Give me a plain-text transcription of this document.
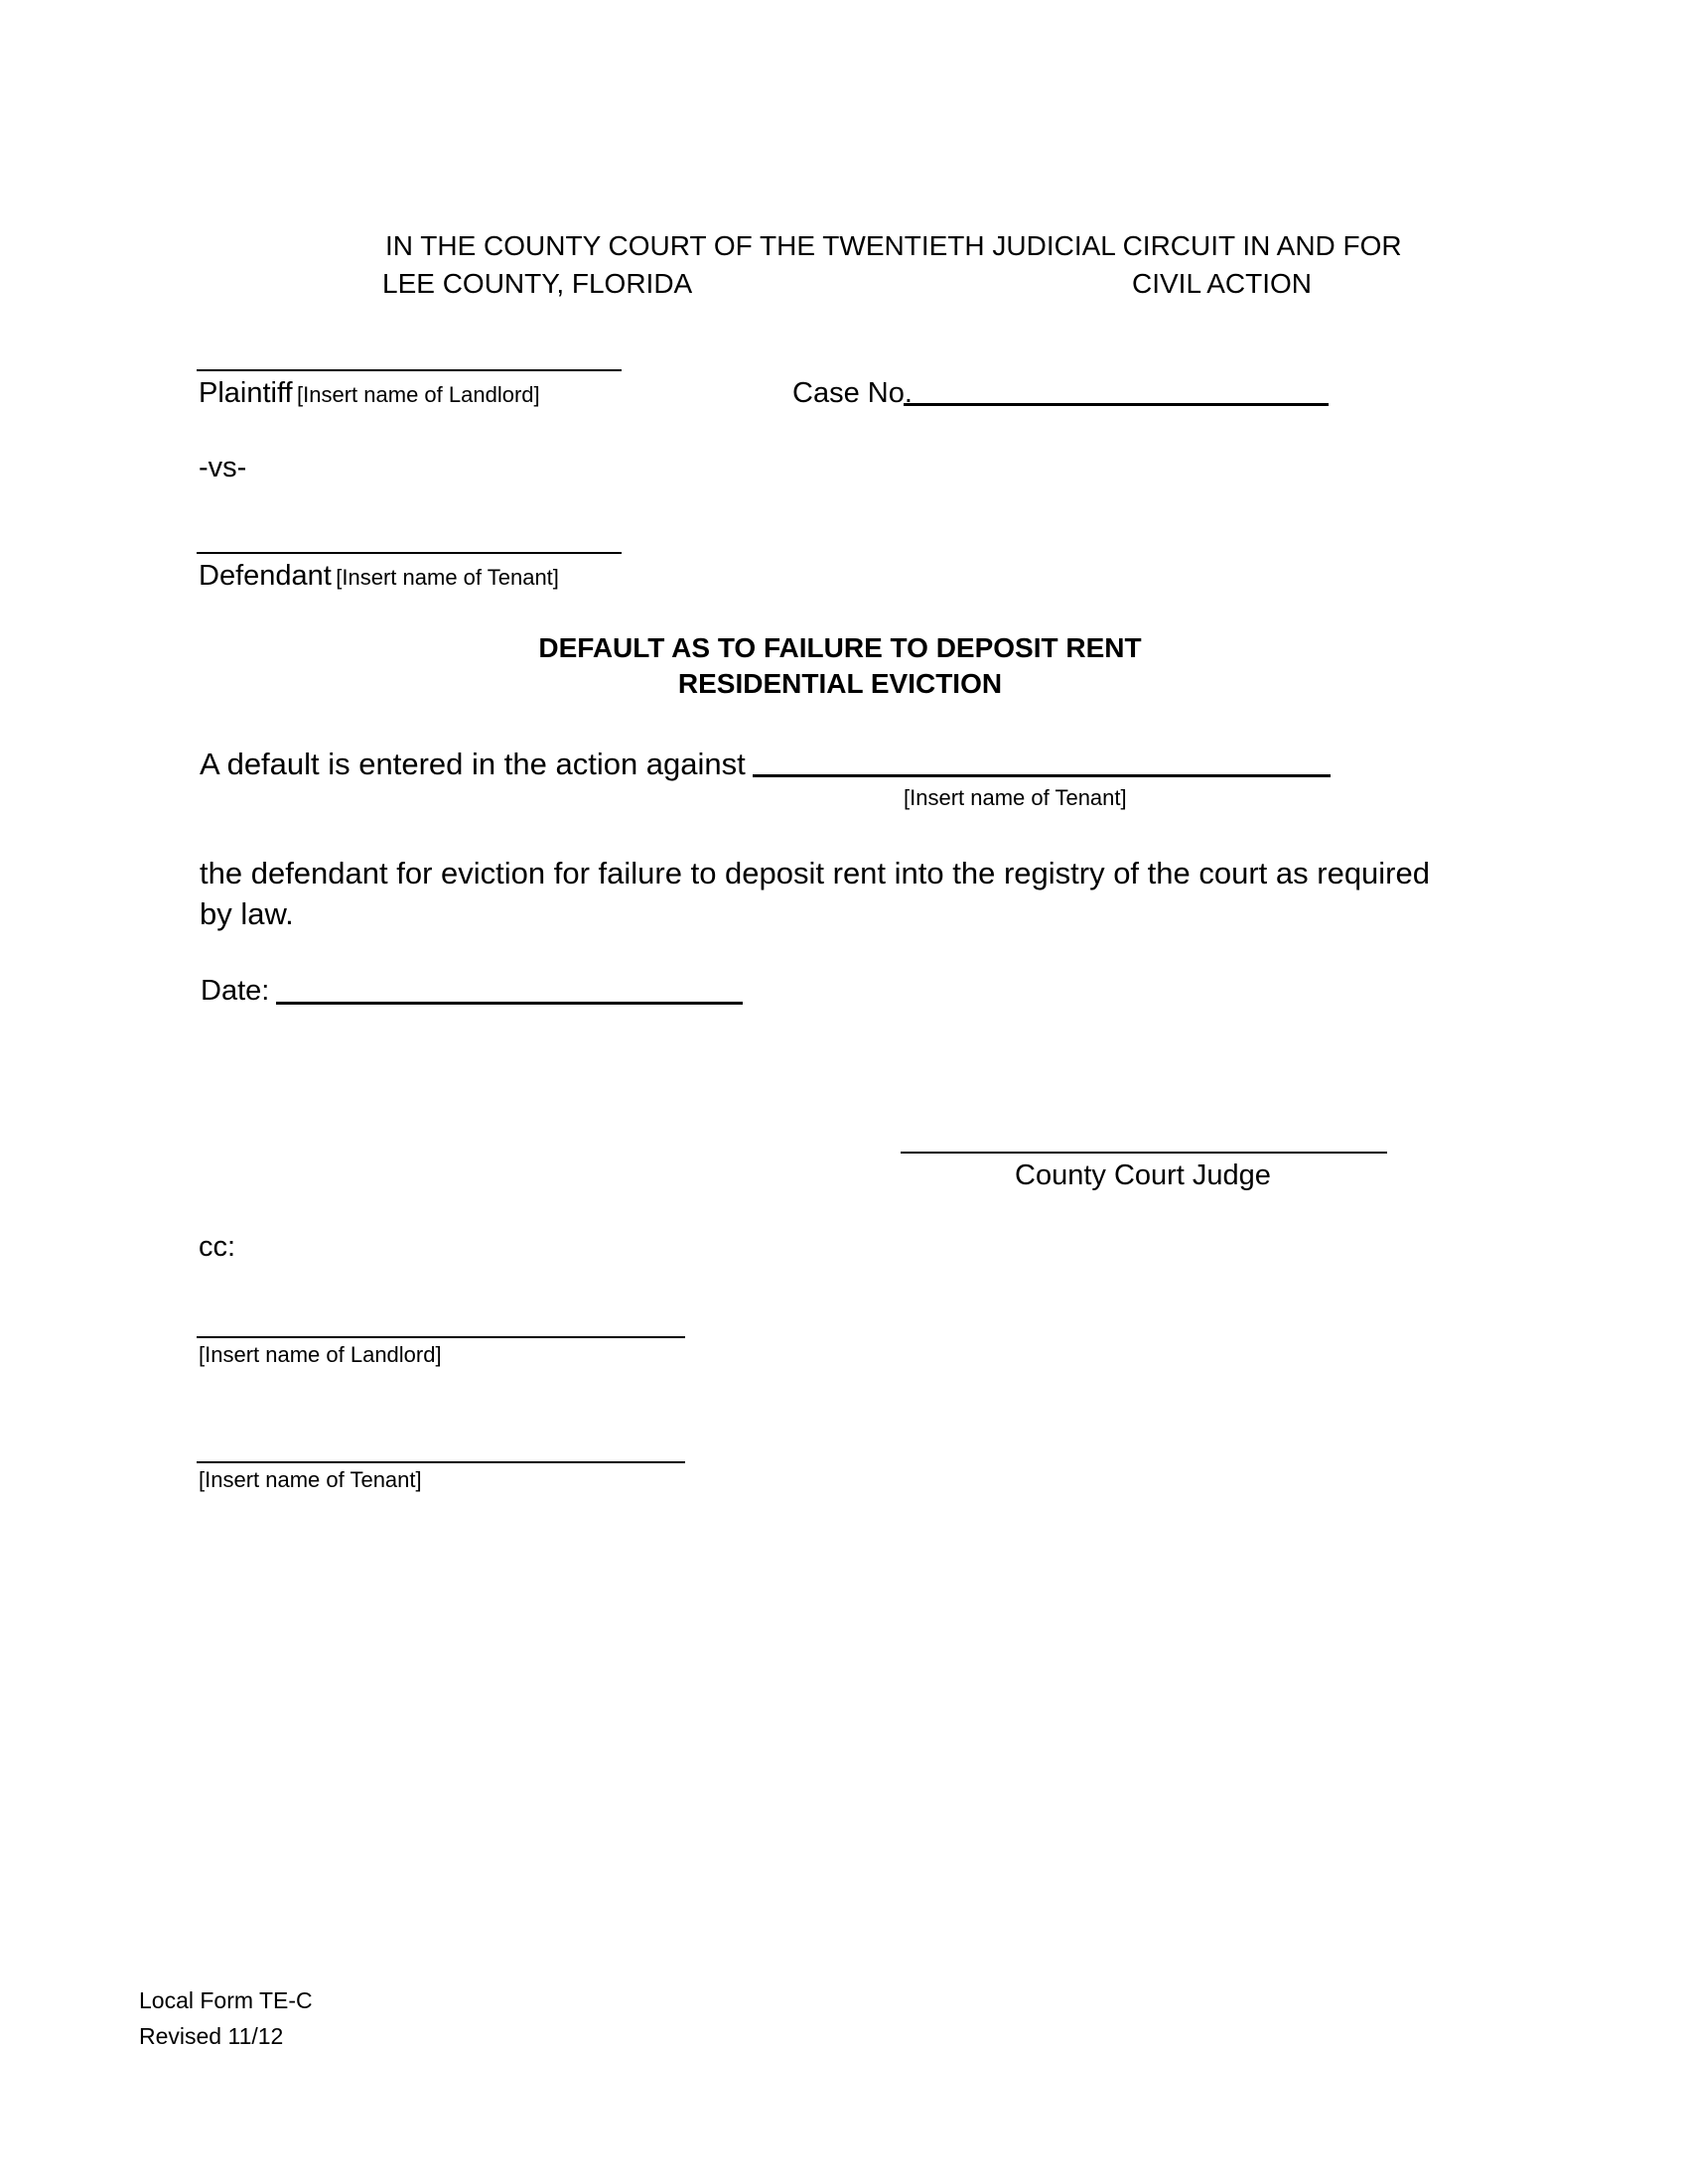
IN THE COUNTY COURT OF THE TWENTIETH JUDICIAL CIRCUIT IN AND FOR
LEE COUNTY, FLORIDA	CIVIL ACTION
Plaintiff [Insert name of Landlord]	Case No.
-vs-
Defendant [Insert name of Tenant]
DEFAULT AS TO FAILURE TO DEPOSIT RENT
RESIDENTIAL EVICTION
A default is entered in the action against
[Insert name of Tenant]
the defendant for eviction for failure to deposit rent into the registry of the court as required
by law.
Date:
County Court Judge
cc:
[Insert name of Landlord]
[Insert name of Tenant]
Local Form TE-C
Revised 11/12
